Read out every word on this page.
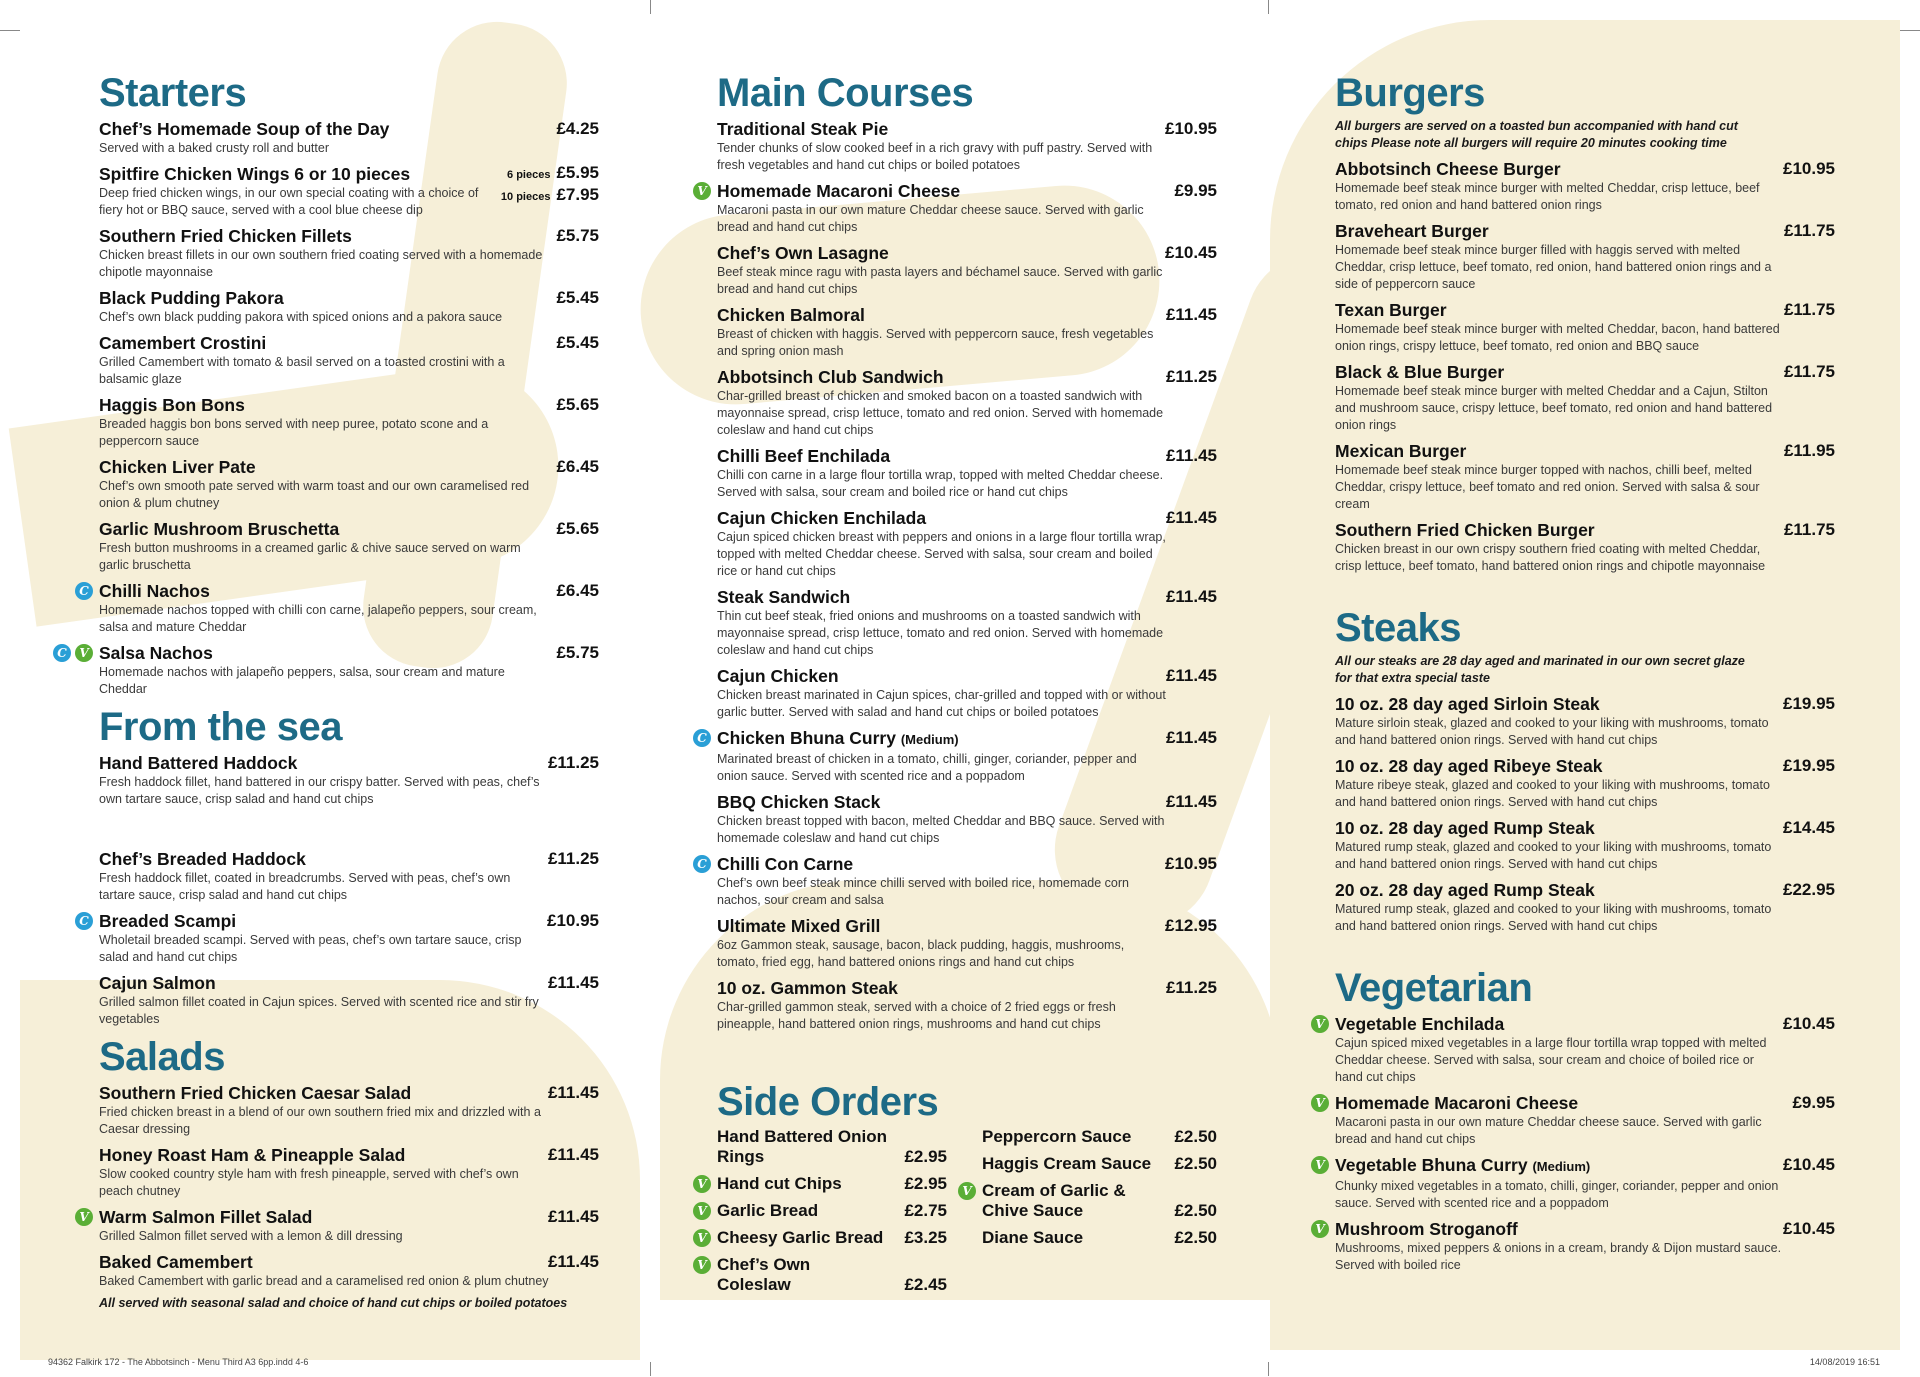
Starters
Chef’s Homemade Soup of the Day	£4.25
Served with a baked crusty roll and butter
Spitfire Chicken Wings 6 or 10 pieces	6 pieces £5.95
10 pieces £7.95
Deep fried chicken wings, in our own special coating with a choice of fiery hot or BBQ sauce, served with a cool blue cheese dip
Southern Fried Chicken Fillets	£5.75
Chicken breast fillets in our own southern fried coating served with a homemade chipotle mayonnaise
Black Pudding Pakora	£5.45
Chef’s own black pudding pakora with spiced onions and a pakora sauce
Camembert Crostini	£5.45
Grilled Camembert with tomato & basil served on a toasted crostini with a balsamic glaze
Haggis Bon Bons	£5.65
Breaded haggis bon bons served with neep puree, potato scone and a peppercorn sauce
Chicken Liver Pate	£6.45
Chef’s own smooth pate served with warm toast and our own caramelised red onion & plum chutney
Garlic Mushroom Bruschetta	£5.65
Fresh button mushrooms in a creamed garlic & chive sauce served on warm garlic bruschetta
C Chilli Nachos	£6.45
Homemade nachos topped with chilli con carne, jalapeño peppers, sour cream, salsa and mature Cheddar
C	V Salsa Nachos	£5.75
Homemade nachos with jalapeño peppers, salsa, sour cream and mature Cheddar
From the sea
Hand Battered Haddock	£11.25
Fresh haddock fillet, hand battered in our crispy batter. Served with peas, chef’s own tartare sauce, crisp salad and hand cut chips
Chef’s Breaded Haddock	£11.25
Fresh haddock fillet, coated in breadcrumbs. Served with peas, chef’s own tartare sauce, crisp salad and hand cut chips
C Breaded Scampi	£10.95
Wholetail breaded scampi. Served with peas, chef’s own tartare sauce, crisp salad and hand cut chips
Cajun Salmon	£11.45
Grilled salmon fillet coated in Cajun spices. Served with scented rice and stir fry vegetables
Salads
Southern Fried Chicken Caesar Salad	£11.45
Fried chicken breast in a blend of our own southern fried mix and drizzled with a Caesar dressing
Honey Roast Ham & Pineapple Salad	£11.45
Slow cooked country style ham with fresh pineapple, served with chef’s own peach chutney
V Warm Salmon Fillet Salad	£11.45
Grilled Salmon fillet served with a lemon & dill dressing
Baked Camembert	£11.45
Baked Camembert with garlic bread and a caramelised red onion & plum chutney
All served with seasonal salad and choice of hand cut chips or boiled potatoes
Main Courses
Traditional Steak Pie	£10.95
Tender chunks of slow cooked beef in a rich gravy with puff pastry. Served with fresh vegetables and hand cut chips or boiled potatoes
V Homemade Macaroni Cheese	£9.95
Macaroni pasta in our own mature Cheddar cheese sauce. Served with garlic bread and hand cut chips
Chef’s Own Lasagne	£10.45
Beef steak mince ragu with pasta layers and béchamel sauce. Served with garlic bread and hand cut chips
Chicken Balmoral	£11.45
Breast of chicken with haggis. Served with peppercorn sauce, fresh vegetables and spring onion mash
Abbotsinch Club Sandwich	£11.25
Char-grilled breast of chicken and smoked bacon on a toasted sandwich with mayonnaise spread, crisp lettuce, tomato and red onion. Served with homemade coleslaw and hand cut chips
Chilli Beef Enchilada	£11.45
Chilli con carne in a large flour tortilla wrap, topped with melted Cheddar cheese. Served with salsa, sour cream and boiled rice or hand cut chips
Cajun Chicken Enchilada	£11.45
Cajun spiced chicken breast with peppers and onions in a large flour tortilla wrap, topped with melted Cheddar cheese. Served with salsa, sour cream and boiled rice or hand cut chips
Steak Sandwich	£11.45
Thin cut beef steak, fried onions and mushrooms on a toasted sandwich with mayonnaise spread, crisp lettuce, tomato and red onion. Served with homemade coleslaw and hand cut chips
Cajun Chicken	£11.45
Chicken breast marinated in Cajun spices, char-grilled and topped with or without garlic butter. Served with salad and hand cut chips or boiled potatoes
C Chicken Bhuna Curry (Medium)	£11.45
Marinated breast of chicken in a tomato, chilli, ginger, coriander, pepper and onion sauce. Served with scented rice and a poppadom
BBQ Chicken Stack	£11.45
Chicken breast topped with bacon, melted Cheddar and BBQ sauce. Served with homemade coleslaw and hand cut chips
C Chilli Con Carne	£10.95
Chef’s own beef steak mince chilli served with boiled rice, homemade corn nachos, sour cream and salsa
Ultimate Mixed Grill	£12.95
6oz Gammon steak, sausage, bacon, black pudding, haggis, mushrooms, tomato, fried egg, hand battered onions rings and hand cut chips
10 oz. Gammon Steak	£11.25
Char-grilled gammon steak, served with a choice of 2 fried eggs or fresh pineapple, hand battered onion rings, mushrooms and hand cut chips
Side Orders
Hand Battered Onion Rings	£2.95
V Hand cut Chips	£2.95
V Garlic Bread	£2.75
V Cheesy Garlic Bread £3.25
V Chef’s Own Coleslaw	£2.45
Peppercorn Sauce	£2.50
Haggis Cream Sauce £2.50
V Cream of Garlic & Chive Sauce	£2.50
Diane Sauce	£2.50
Burgers
All burgers are served on a toasted bun accompanied with hand cut chips Please note all burgers will require 20 minutes cooking time
Abbotsinch Cheese Burger	£10.95
Homemade beef steak mince burger with melted Cheddar, crisp lettuce, beef tomato, red onion and hand battered onion rings
Braveheart Burger	£11.75
Homemade beef steak mince burger filled with haggis served with melted Cheddar, crisp lettuce, beef tomato, red onion, hand battered onion rings and a side of peppercorn sauce
Texan Burger	£11.75
Homemade beef steak mince burger with melted Cheddar, bacon, hand battered onion rings, crispy lettuce, beef tomato, red onion and BBQ sauce
Black & Blue Burger	£11.75
Homemade beef steak mince burger with melted Cheddar and a Cajun, Stilton and mushroom sauce, crispy lettuce, beef tomato, red onion and hand battered onion rings
Mexican Burger	£11.95
Homemade beef steak mince burger topped with nachos, chilli beef, melted Cheddar, crispy lettuce, beef tomato and red onion. Served with salsa & sour cream
Southern Fried Chicken Burger	£11.75
Chicken breast in our own crispy southern fried coating with melted Cheddar, crisp lettuce, beef tomato, hand battered onion rings and chipotle mayonnaise
Steaks
All our steaks are 28 day aged and marinated in our own secret glaze for that extra special taste
10 oz. 28 day aged Sirloin Steak	£19.95
Mature sirloin steak, glazed and cooked to your liking with mushrooms, tomato and hand battered onion rings. Served with hand cut chips
10 oz. 28 day aged Ribeye Steak	£19.95
Mature ribeye steak, glazed and cooked to your liking with mushrooms, tomato and hand battered onion rings. Served with hand cut chips
10 oz. 28 day aged Rump Steak	£14.45
Matured rump steak, glazed and cooked to your liking with mushrooms, tomato and hand battered onion rings. Served with hand cut chips
20 oz. 28 day aged Rump Steak	£22.95
Matured rump steak, glazed and cooked to your liking with mushrooms, tomato and hand battered onion rings. Served with hand cut chips
Vegetarian
V Vegetable Enchilada	£10.45
Cajun spiced mixed vegetables in a large flour tortilla wrap topped with melted Cheddar cheese. Served with salsa, sour cream and choice of boiled rice or hand cut chips
V Homemade Macaroni Cheese	£9.95
Macaroni pasta in our own mature Cheddar cheese sauce. Served with garlic bread and hand cut chips
V Vegetable Bhuna Curry (Medium)	£10.45
Chunky mixed vegetables in a tomato, chilli, ginger, coriander, pepper and onion sauce. Served with scented rice and a poppadom
V Mushroom Stroganoff	£10.45
Mushrooms, mixed peppers & onions in a cream, brandy & Dijon mustard sauce. Served with boiled rice
94362 Falkirk 172 - The Abbotsinch - Menu Third A3 6pp.indd 4-6	14/08/2019 16:51
